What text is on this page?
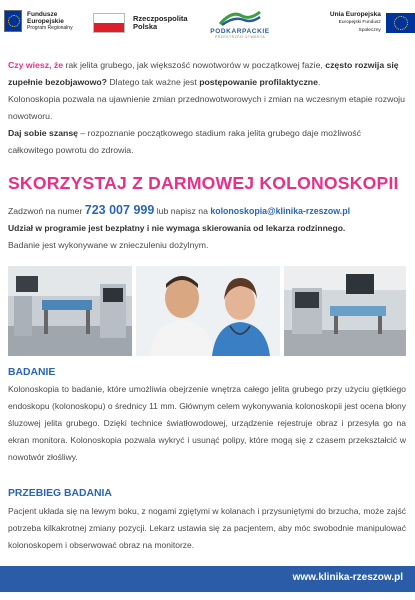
Fundusze
Europejskie
Program Regionalny
Rzeczpospolita
Polska
PODKARPACKIE
PRZESTRZEŃ OTWARTA
Unia Europejska
Europejski Fundusz Społeczny

Czy wiesz, że rak jelita grubego, jak większość nowotworów w początkowej fazie, często rozwija się zupełnie bezobjawowo? Dlatego tak ważne jest postępowanie profilaktyczne.

Kolonoskopia pozwala na ujawnienie zmian przednowotworowych i zmian na wczesnym etapie rozwoju nowotworu.

Daj sobie szansę – rozpoznanie początkowego stadium raka jelita grubego daje możliwość całkowitego powrotu do zdrowia.

SKORZYSTAJ Z DARMOWEJ KOLONOSKOPII
Zadzwoń na numer 723 007 999 lub napisz na kolonoskopia@klinika-rzeszow.pl
Udział w programie jest bezpłatny i nie wymaga skierowania od lekarza rodzinnego.
Badanie jest wykonywane w znieczuleniu dożylnym.
BADANIE
Kolonoskopia to badanie, które umożliwia obejrzenie wnętrza całego jelita grubego przy użyciu giętkiego endoskopu (kolonoskopu) o średnicy 11 mm. Głównym celem wykonywania kolonoskopii jest ocena błony śluzowej jelita grubego. Dzięki technice światłowodowej, urządzenie rejestruje obraz i przesyła go na ekran monitora. Kolonoskopia pozwala wykryć i usunąć polipy, które mogą się z czasem przekształcić w nowotwór złośliwy.
PRZEBIEG BADANIA
Pacjent układa się na lewym boku, z nogami zgiętymi w kolanach i przysuniętymi do brzucha, może zajść potrzeba kilkakrotnej zmiany pozycji. Lekarz ustawia się za pacjentem, aby móc swobodnie manipulować kolonoskopem i obserwować obraz na monitorze.
www.klinika-rzeszow.pl
